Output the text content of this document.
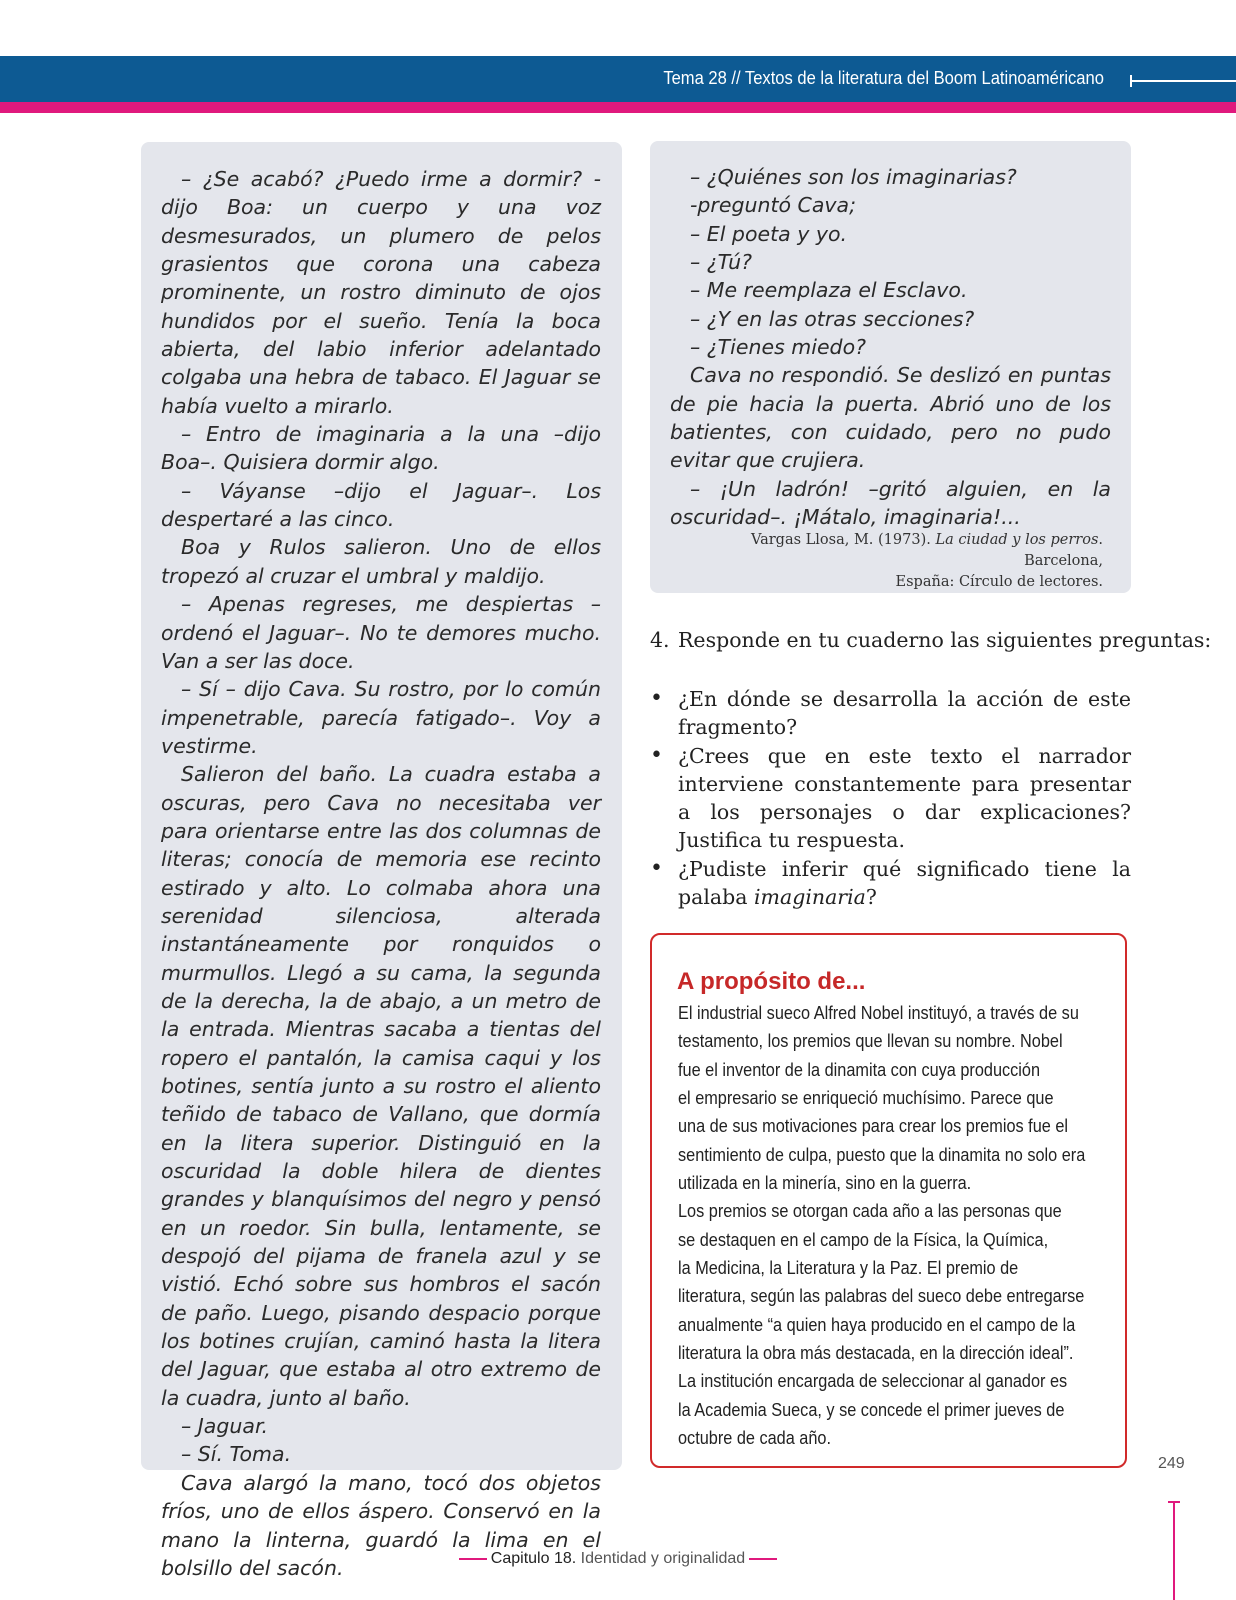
Tema 28 // Textos de la literatura del Boom Latinoaméricano

– ¿Se acabó? ¿Puedo irme a dormir? -dijo Boa: un cuerpo y una voz desmesurados, un plumero de pelos grasientos que corona una cabeza prominente, un rostro diminuto de ojos hundidos por el sueño. Tenía la boca abierta, del labio inferior adelantado colgaba una hebra de tabaco. El Jaguar se había vuelto a mirarlo.

– Entro de imaginaria a la una –dijo Boa–. Quisiera dormir algo.

– Váyanse –dijo el Jaguar–. Los despertaré a las cinco.

Boa y Rulos salieron. Uno de ellos tropezó al cruzar el umbral y maldijo.

– Apenas regreses, me despiertas –ordenó el Jaguar–. No te demores mucho. Van a ser las doce.

– Sí – dijo Cava. Su rostro, por lo común impenetrable, parecía fatigado–. Voy a vestirme.

Salieron del baño. La cuadra estaba a oscuras, pero Cava no necesitaba ver para orientarse entre las dos columnas de literas; conocía de memoria ese recinto estirado y alto. Lo colmaba ahora una serenidad silenciosa, alterada instantáneamente por ronquidos o murmullos. Llegó a su cama, la segunda de la derecha, la de abajo, a un metro de la entrada. Mientras sacaba a tientas del ropero el pantalón, la camisa caqui y los botines, sentía junto a su rostro el aliento teñido de tabaco de Vallano, que dormía en la litera superior. Distinguió en la oscuridad la doble hilera de dientes grandes y blanquísimos del negro y pensó en un roedor. Sin bulla, lentamente, se despojó del pijama de franela azul y se vistió. Echó sobre sus hombros el sacón de paño. Luego, pisando despacio porque los botines crujían, caminó hasta la litera del Jaguar, que estaba al otro extremo de la cuadra, junto al baño.

– Jaguar.

– Sí. Toma.

Cava alargó la mano, tocó dos objetos fríos, uno de ellos áspero. Conservó en la mano la linterna, guardó la lima en el bolsillo del sacón.

– ¿Quiénes son los imaginarias?

-preguntó Cava;

– El poeta y yo.

– ¿Tú?

– Me reemplaza el Esclavo.

– ¿Y en las otras secciones?

– ¿Tienes miedo?

Cava no respondió. Se deslizó en puntas de pie hacia la puerta. Abrió uno de los batientes, con cuidado, pero no pudo evitar que crujiera.

– ¡Un ladrón! –gritó alguien, en la oscuridad–. ¡Mátalo, imaginaria!...

Vargas Llosa, M. (1973). La ciudad y los perros. Barcelona,
España: Círculo de lectores.
4. Responde en tu cuaderno las siguientes preguntas:
• ¿En dónde se desarrolla la acción de este fragmento?
• ¿Crees que en este texto el narrador interviene constantemente para presentar a los personajes o dar explicaciones? Justifica tu respuesta.
• ¿Pudiste inferir qué significado tiene la palaba imaginaria?
A propósito de...
El industrial sueco Alfred Nobel instituyó, a través de su
testamento, los premios que llevan su nombre. Nobel
fue el inventor de la dinamita con cuya producción
el empresario se enriqueció muchísimo. Parece que
una de sus motivaciones para crear los premios fue el
sentimiento de culpa, puesto que la dinamita no solo era
utilizada en la minería, sino en la guerra.
Los premios se otorgan cada año a las personas que
se destaquen en el campo de la Física, la Química,
la Medicina, la Literatura y la Paz. El premio de
literatura, según las palabras del sueco debe entregarse
anualmente “a quien haya producido en el campo de la
literatura la obra más destacada, en la dirección ideal”.
La institución encargada de seleccionar al ganador es
la Academia Sueca, y se concede el primer jueves de
octubre de cada año.
249
Capitulo 18. Identidad y originalidad
